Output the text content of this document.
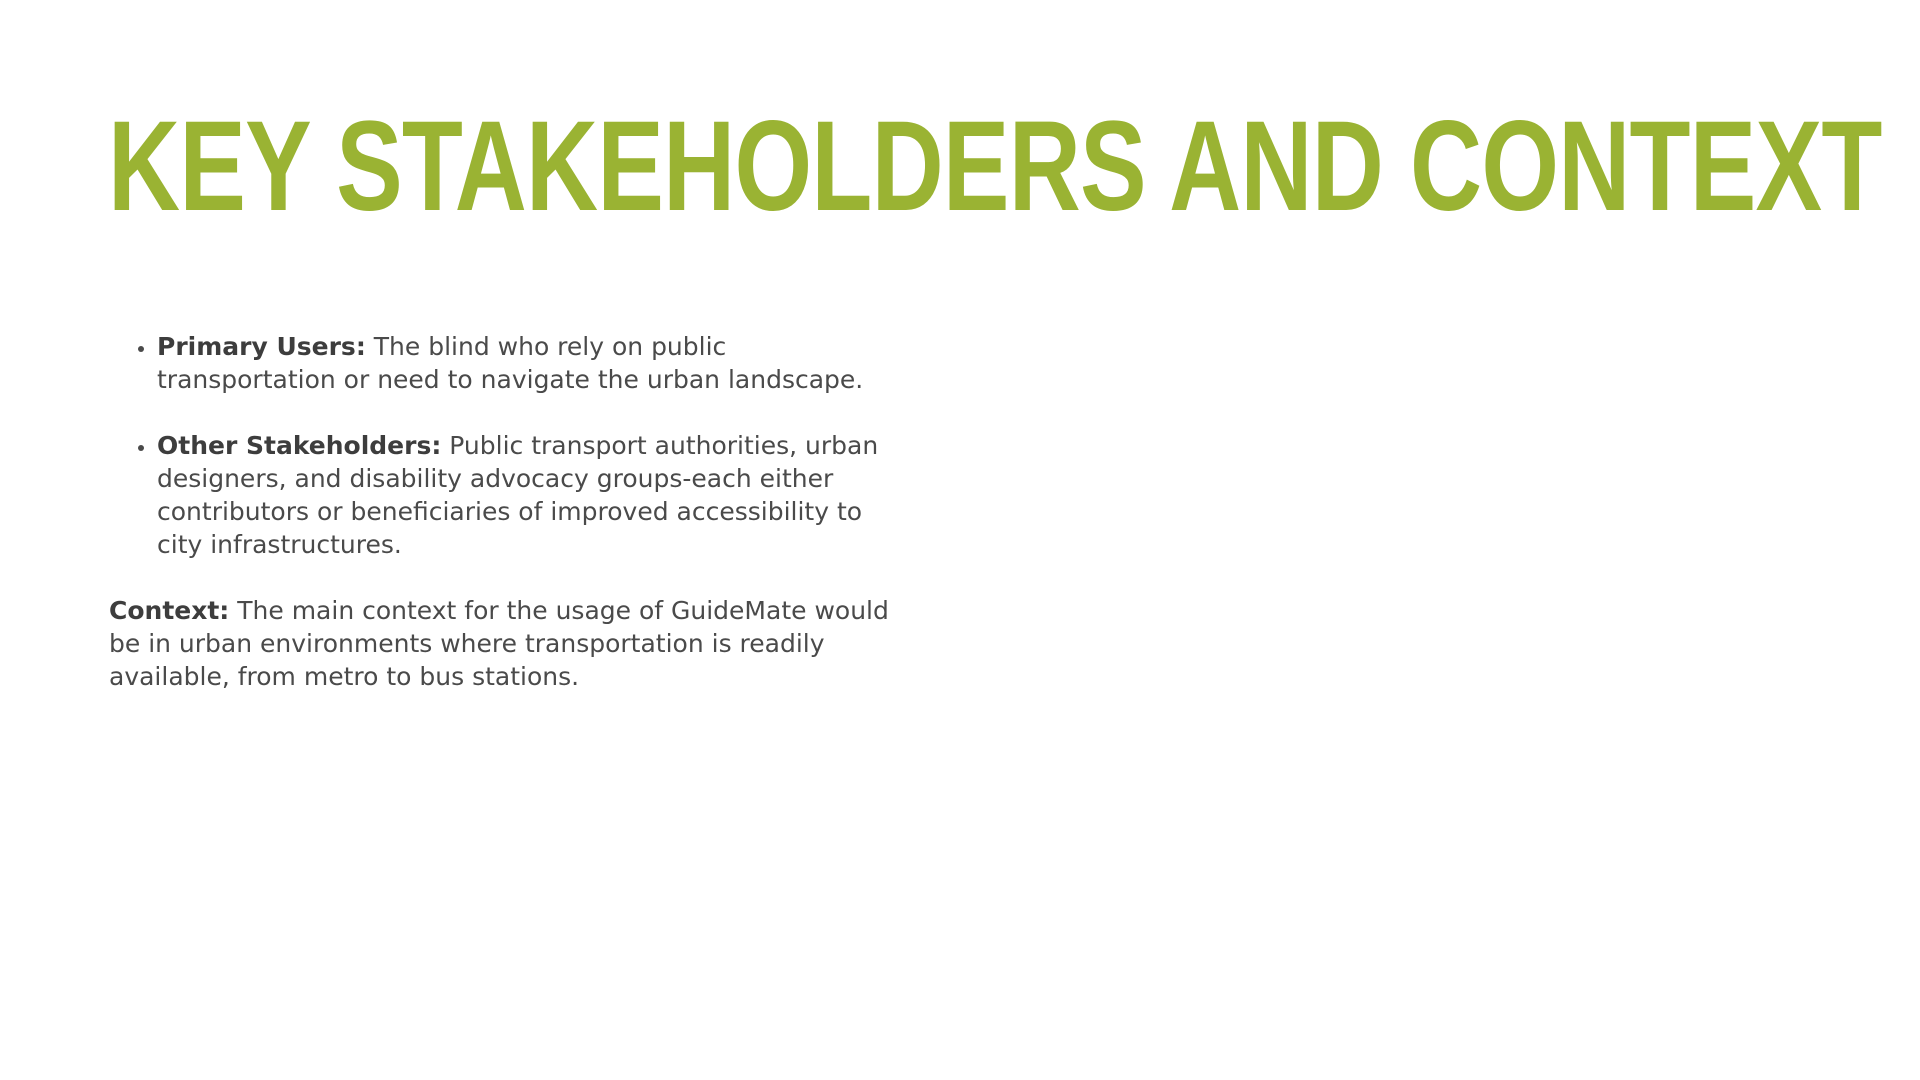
KEY STAKEHOLDERS AND CONTEXT
• Primary Users: The blind who rely on public transportation or need to navigate the urban landscape.
• Other Stakeholders: Public transport authorities, urban designers, and disability advocacy groups-each either contributors or beneficiaries of improved accessibility to city infrastructures.

Context: The main context for the usage of GuideMate would be in urban environments where transportation is readily available, from metro to bus stations.
